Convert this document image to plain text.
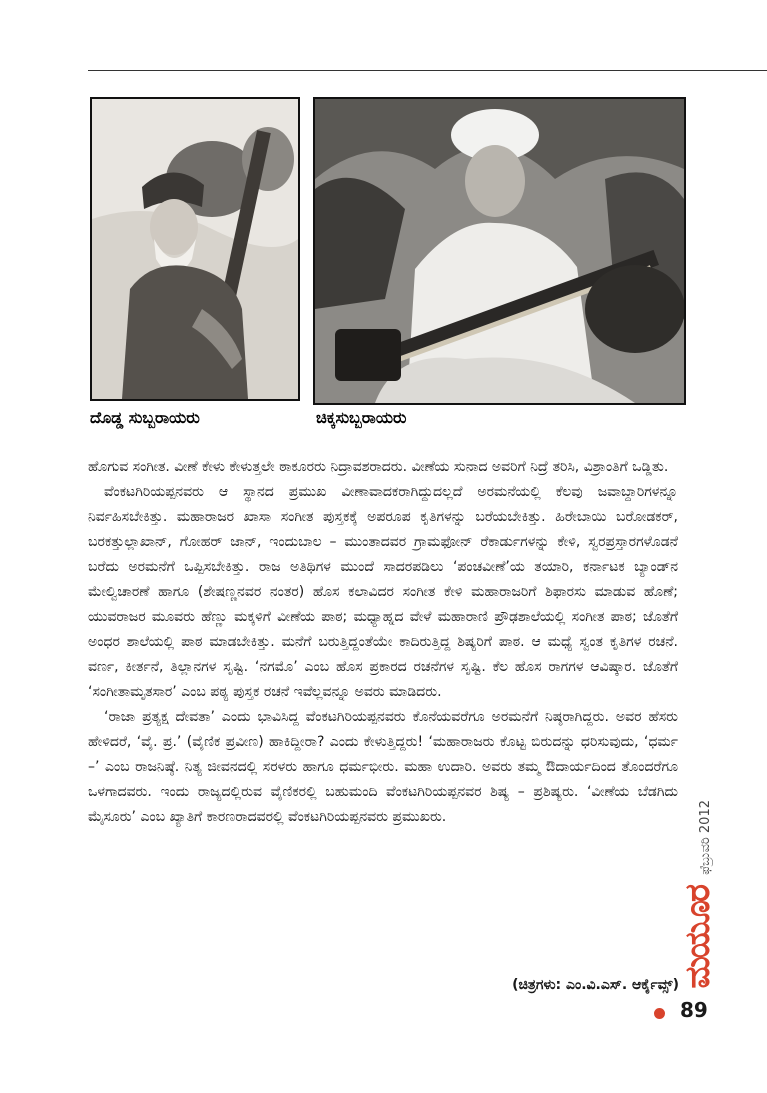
ದೊಡ್ಡ ಸುಬ್ಬರಾಯರು	ಚಿಕ್ಕಸುಬ್ಬರಾಯರು

ಹೊಗುವ ಸಂಗೀತ. ವೀಣೆ ಕೇಳು ಕೇಳುತ್ತಲೇ ಠಾಕೂರರು ನಿದ್ರಾವಶರಾದರು. ವೀಣೆಯ ಸುನಾದ ಅವರಿಗೆ ನಿದ್ರೆ ತರಿಸಿ, ವಿಶ್ರಾಂತಿಗೆ ಒಡ್ಡಿತು.

ವೆಂಕಟಗಿರಿಯಪ್ಪನವರು ಆ ಸ್ಥಾನದ ಪ್ರಮುಖ ವೀಣಾವಾದಕರಾಗಿದ್ದುದಲ್ಲದೆ ಅರಮನೆಯಲ್ಲಿ ಕೆಲವು ಜವಾಬ್ದಾರಿಗಳನ್ನೂ ನಿರ್ವಹಿಸಬೇಕಿತ್ತು. ಮಹಾರಾಜರ ಖಾಸಾ ಸಂಗೀತ ಪುಸ್ತಕಕ್ಕೆ ಅಪರೂಪ ಕೃತಿಗಳನ್ನು ಬರೆಯಬೇಕಿತ್ತು. ಹಿರೇಬಾಯಿ ಬರೋಡಕರ್, ಬರಕತ್ತುಲ್ಲಾಖಾನ್, ಗೋಹರ್ ಜಾನ್, ಇಂದುಬಾಲ – ಮುಂತಾದವರ ಗ್ರಾಮಫೋನ್ ರೆಕಾರ್ಡುಗಳನ್ನು ಕೇಳಿ, ಸ್ವರಪ್ರಸ್ತಾರಗಳೊಡನೆ ಬರೆದು ಅರಮನೆಗೆ ಒಪ್ಪಿಸಬೇಕಿತ್ತು. ರಾಜ ಅತಿಥಿಗಳ ಮುಂದೆ ಸಾದರಪಡಿಲು ‘ಪಂಚವೀಣೆ’ಯ ತಯಾರಿ, ಕರ್ನಾಟಕ ಬ್ಯಾಂಡ್‌ನ ಮೇಲ್ವಿಚಾರಣೆ ಹಾಗೂ (ಶೇಷಣ್ಣನವರ ನಂತರ) ಹೊಸ ಕಲಾವಿದರ ಸಂಗೀತ ಕೇಳಿ ಮಹಾರಾಜರಿಗೆ ಶಿಫಾರಸು ಮಾಡುವ ಹೊಣೆ; ಯುವರಾಜರ ಮೂವರು ಹೆಣ್ಣು ಮಕ್ಕಳಿಗೆ ವೀಣೆಯ ಪಾಠ; ಮಧ್ಯಾಹ್ನದ ವೇಳೆ ಮಹಾರಾಣಿ ಪ್ರೌಢಶಾಲೆಯಲ್ಲಿ ಸಂಗೀತ ಪಾಠ; ಜೊತೆಗೆ ಅಂಧರ ಶಾಲೆಯಲ್ಲಿ ಪಾಠ ಮಾಡಬೇಕಿತ್ತು. ಮನೆಗೆ ಬರುತ್ತಿದ್ದಂತೆಯೇ ಕಾದಿರುತ್ತಿದ್ದ ಶಿಷ್ಯರಿಗೆ ಪಾಠ. ಆ ಮಧ್ಯೆ ಸ್ವಂತ ಕೃತಿಗಳ ರಚನೆ. ವರ್ಣ, ಕೀರ್ತನೆ, ತಿಲ್ಲಾನಗಳ ಸೃಷ್ಟಿ. ‘ನಗಮೊ’ ಎಂಬ ಹೊಸ ಪ್ರಕಾರದ ರಚನೆಗಳ ಸೃಷ್ಟಿ. ಕೆಲ ಹೊಸ ರಾಗಗಳ ಆವಿಷ್ಕಾರ. ಜೊತೆಗೆ ‘ಸಂಗೀತಾಮೃತಸಾರ’ ಎಂಬ ಪಠ್ಯ ಪುಸ್ತಕ ರಚನೆ ಇವೆಲ್ಲವನ್ನೂ ಅವರು ಮಾಡಿದರು.

‘ರಾಜಾ ಪ್ರತ್ಯಕ್ಷ ದೇವತಾ’ ಎಂದು ಭಾವಿಸಿದ್ದ ವೆಂಕಟಗಿರಿಯಪ್ಪನವರು ಕೊನೆಯವರೆಗೂ ಅರಮನೆಗೆ ನಿಷ್ಠರಾಗಿದ್ದರು. ಅವರ ಹೆಸರು ಹೇಳಿದರೆ, ‘ವೈ. ಪ್ರ.’ (ವೈಣಿಕ ಪ್ರವೀಣ) ಹಾಕಿದ್ದೀರಾ? ಎಂದು ಕೇಳುತ್ತಿದ್ದರು! ‘ಮಹಾರಾಜರು ಕೊಟ್ಟ ಬಿರುದನ್ನು ಧರಿಸುವುದು, ‘ಧರ್ಮ –’ ಎಂಬ ರಾಜನಿಷ್ಠೆ. ನಿತ್ಯ ಜೀವನದಲ್ಲಿ ಸರಳರು ಹಾಗೂ ಧರ್ಮಭೀರು. ಮಹಾ ಉದಾರಿ. ಅವರು ತಮ್ಮ ಔದಾರ್ಯದಿಂದ ತೊಂದರೆಗೂ ಒಳಗಾದವರು. ಇಂದು ರಾಜ್ಯದಲ್ಲಿರುವ ವೈಣಿಕರಲ್ಲಿ ಬಹುಮಂದಿ ವೆಂಕಟಗಿರಿಯಪ್ಪನವರ ಶಿಷ್ಯ – ಪ್ರಶಿಷ್ಯರು. ‘ವೀಣೆಯ ಬೆಡಗಿದು ಮೈಸೂರು’ ಎಂಬ ಖ್ಯಾತಿಗೆ ಕಾರಣರಾದವರಲ್ಲಿ ವೆಂಕಟಗಿರಿಯಪ್ಪನವರು ಪ್ರಮುಖರು.

(ಚಿತ್ರಗಳು: ಎಂ.ವಿ.ಎಸ್. ಆರ್ಕೈವ್ಸ್)
ಫೆಬ್ರುವರಿ 2012
ಮಯೂರ
89
